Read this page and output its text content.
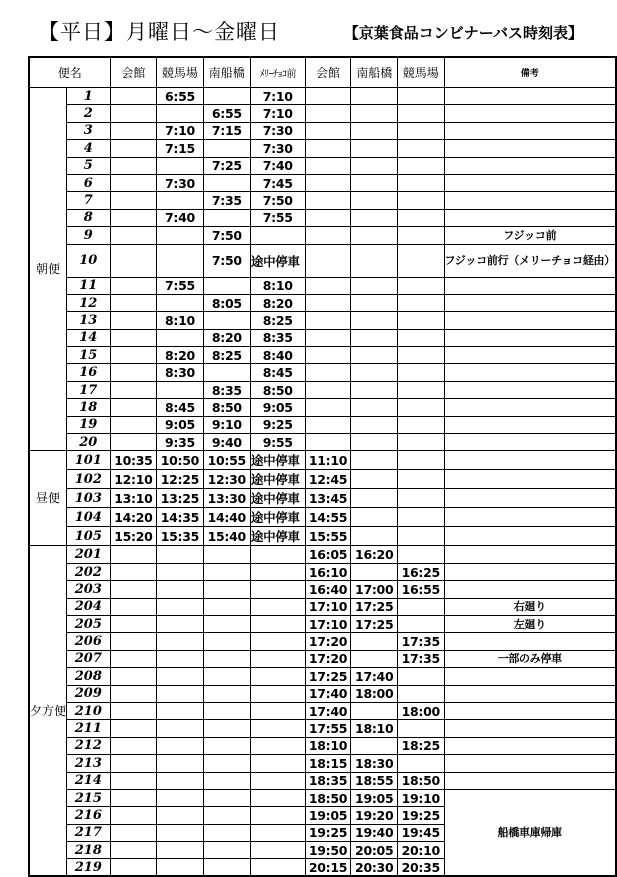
【平日】月曜日～金曜日	【京葉食品コンビナーバス時刻表】
便名		会館	競馬場	南船橋	ﾒﾘｰﾁｮｺ前	会館	南船橋	競馬場	備考
朝便	1		6:55		7:10				
	2			6:55	7:10				
	3		7:10	7:15	7:30				
	4		7:15		7:30				
	5			7:25	7:40				
	6		7:30		7:45				
	7			7:35	7:50				
	8		7:40		7:55				
	9			7:50					フジッコ前
	10			7:50	途中停車				フジッコ前行（メリーチョコ経由）
	11		7:55		8:10				
	12			8:05	8:20				
	13		8:10		8:25				
	14			8:20	8:35				
	15		8:20	8:25	8:40				
	16		8:30		8:45				
	17			8:35	8:50				
	18		8:45	8:50	9:05				
	19		9:05	9:10	9:25				
	20		9:35	9:40	9:55				
昼便	101	10:35	10:50	10:55	途中停車	11:10			
	102	12:10	12:25	12:30	途中停車	12:45			
	103	13:10	13:25	13:30	途中停車	13:45			
	104	14:20	14:35	14:40	途中停車	14:55			
	105	15:20	15:35	15:40	途中停車	15:55			
夕方便	201					16:05	16:20		
	202					16:10		16:25	
	203					16:40	17:00	16:55	
	204					17:10	17:25		右廻り
	205					17:10	17:25		左廻り
	206					17:20		17:35	
	207					17:20		17:35	一部のみ停車
	208					17:25	17:40		
	209					17:40	18:00		
	210					17:40		18:00	
	211					17:55	18:10		
	212					18:10		18:25	
	213					18:15	18:30		
	214					18:35	18:55	18:50	
	215					18:50	19:05	19:10	船橋車庫帰庫
	216					19:05	19:20	19:25	
	217					19:25	19:40	19:45	
	218					19:50	20:05	20:10	
	219					20:15	20:30	20:35	
